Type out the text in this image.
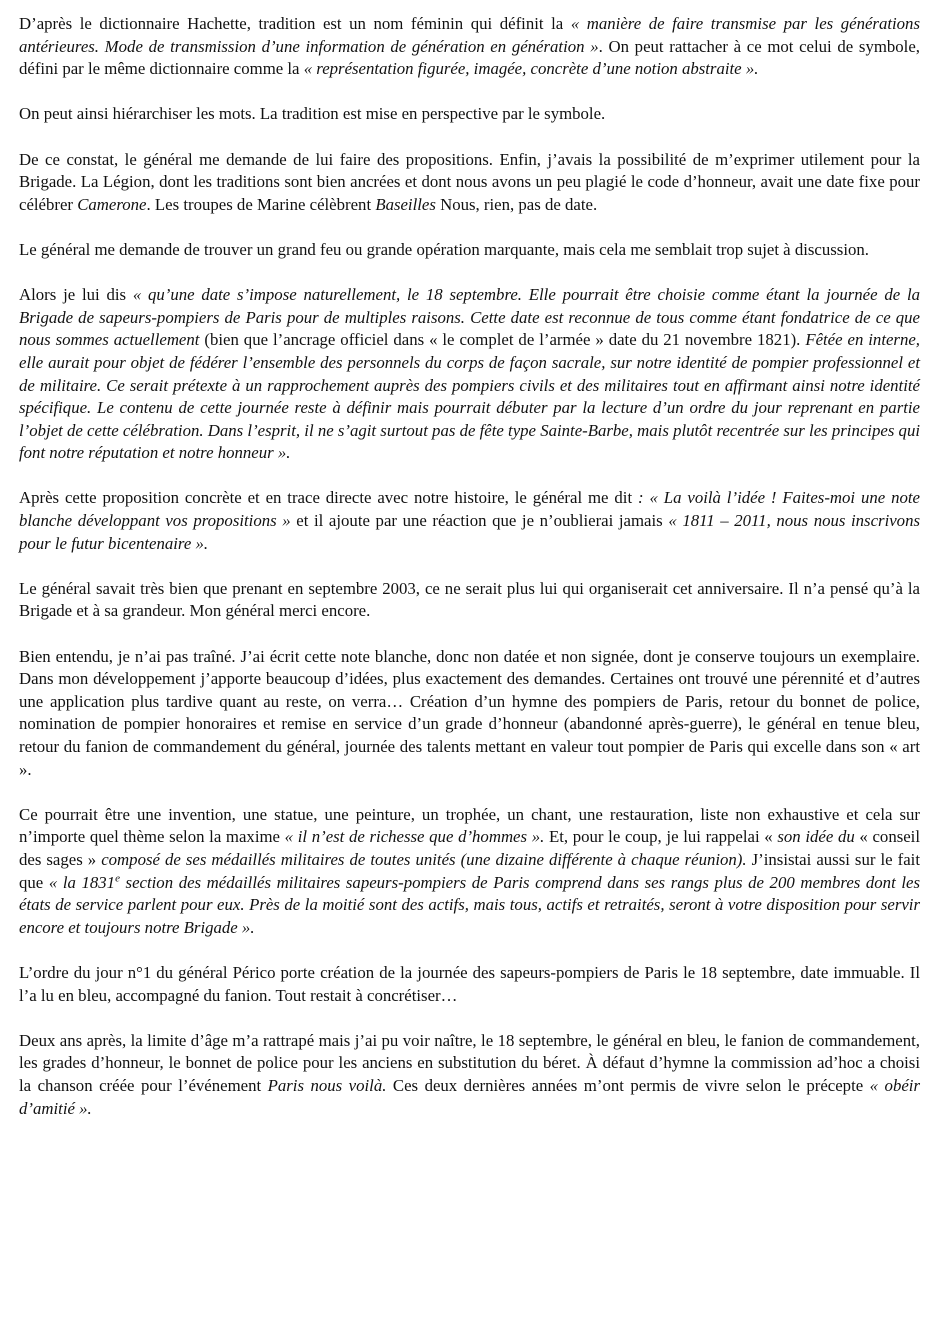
D’après le dictionnaire Hachette, tradition est un nom féminin qui définit la « manière de faire transmise par les générations antérieures. Mode de transmission d’une information de génération en génération ». On peut rattacher à ce mot celui de symbole, défini par le même dictionnaire comme la « représentation figurée, imagée, concrète d’une notion abstraite ».

On peut ainsi hiérarchiser les mots. La tradition est mise en perspective par le symbole.

De ce constat, le général me demande de lui faire des propositions. Enfin, j’avais la possibilité de m’exprimer utilement pour la Brigade. La Légion, dont les traditions sont bien ancrées et dont nous avons un peu plagié le code d’honneur, avait une date fixe pour célébrer Camerone. Les troupes de Marine célèbrent Baseilles Nous, rien, pas de date.

Le général me demande de trouver un grand feu ou grande opération marquante, mais cela me semblait trop sujet à discussion.

Alors je lui dis « qu’une date s’impose naturellement, le 18 septembre. Elle pourrait être choisie comme étant la journée de la Brigade de sapeurs-pompiers de Paris pour de multiples raisons. Cette date est reconnue de tous comme étant fondatrice de ce que nous sommes actuellement (bien que l’ancrage officiel dans « le complet de l’armée » date du 21 novembre 1821). Fêtée en interne, elle aurait pour objet de fédérer l’ensemble des personnels du corps de façon sacrale, sur notre identité de pompier professionnel et de militaire. Ce serait prétexte à un rapprochement auprès des pompiers civils et des militaires tout en affirmant ainsi notre identité spécifique. Le contenu de cette journée reste à définir mais pourrait débuter par la lecture d’un ordre du jour reprenant en partie l’objet de cette célébration. Dans l’esprit, il ne s’agit surtout pas de fête type Sainte-Barbe, mais plutôt recentrée sur les principes qui font notre réputation et notre honneur ».

Après cette proposition concrète et en trace directe avec notre histoire, le général me dit : « La voilà l’idée ! Faites-moi une note blanche développant vos propositions » et il ajoute par une réaction que je n’oublierai jamais « 1811 – 2011, nous nous inscrivons pour le futur bicentenaire ».

Le général savait très bien que prenant en septembre 2003, ce ne serait plus lui qui organiserait cet anniversaire. Il n’a pensé qu’à la Brigade et à sa grandeur. Mon général merci encore.

Bien entendu, je n’ai pas traîné. J’ai écrit cette note blanche, donc non datée et non signée, dont je conserve toujours un exemplaire. Dans mon développement j’apporte beaucoup d’idées, plus exactement des demandes. Certaines ont trouvé une pérennité et d’autres une application plus tardive quant au reste, on verra… Création d’un hymne des pompiers de Paris, retour du bonnet de police, nomination de pompier honoraires et remise en service d’un grade d’honneur (abandonné après-guerre), le général en tenue bleu, retour du fanion de commandement du général, journée des talents mettant en valeur tout pompier de Paris qui excelle dans son « art ».

Ce pourrait être une invention, une statue, une peinture, un trophée, un chant, une restauration, liste non exhaustive et cela sur n’importe quel thème selon la maxime « il n’est de richesse que d’hommes ». Et, pour le coup, je lui rappelai « son idée du « conseil des sages » composé de ses médaillés militaires de toutes unités (une dizaine différente à chaque réunion). J’insistai aussi sur le fait que « la 1831e section des médaillés militaires sapeurs-pompiers de Paris comprend dans ses rangs plus de 200 membres dont les états de service parlent pour eux. Près de la moitié sont des actifs, mais tous, actifs et retraités, seront à votre disposition pour servir encore et toujours notre Brigade ».

L’ordre du jour n°1 du général Périco porte création de la journée des sapeurs-pompiers de Paris le 18 septembre, date immuable. Il l’a lu en bleu, accompagné du fanion. Tout restait à concrétiser…

Deux ans après, la limite d’âge m’a rattrapé mais j’ai pu voir naître, le 18 septembre, le général en bleu, le fanion de commandement, les grades d’honneur, le bonnet de police pour les anciens en substitution du béret. À défaut d’hymne la commission ad’hoc a choisi la chanson créée pour l’événement Paris nous voilà. Ces deux dernières années m’ont permis de vivre selon le précepte « obéir d’amitié ».
